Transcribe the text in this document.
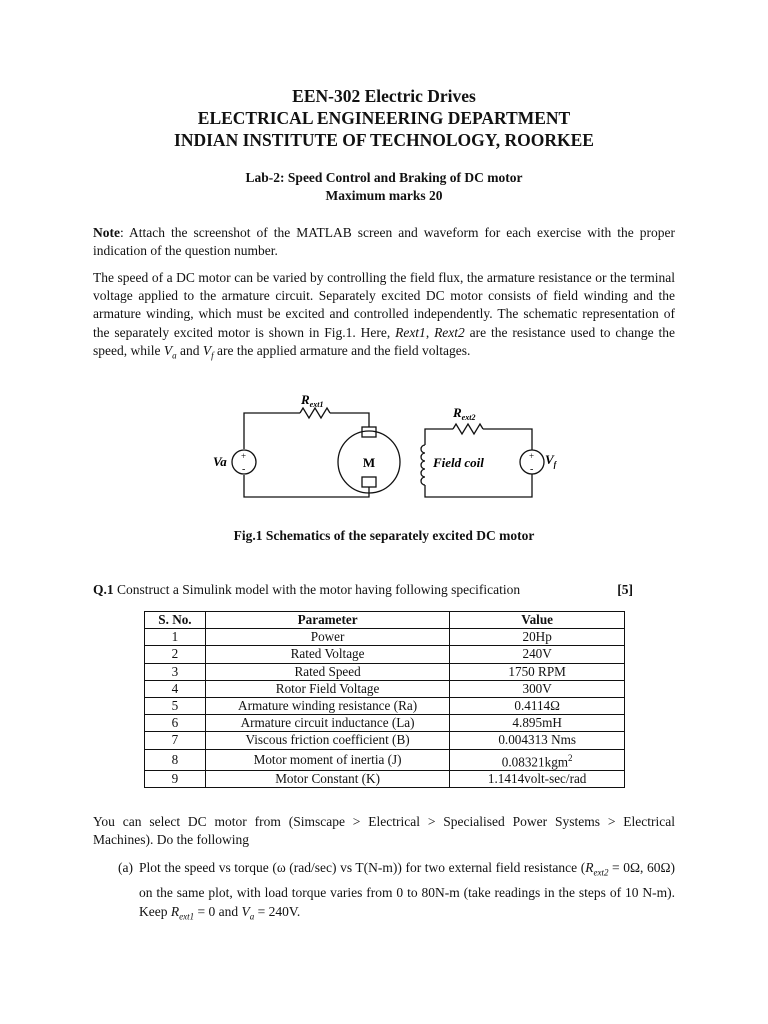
EEN-302 Electric Drives
ELECTRICAL ENGINEERING DEPARTMENT
INDIAN INSTITUTE OF TECHNOLOGY, ROORKEE
Lab-2: Speed Control and Braking of DC motor
Maximum marks 20
Note: Attach the screenshot of the MATLAB screen and waveform for each exercise with the proper indication of the question number.
The speed of a DC motor can be varied by controlling the field flux, the armature resistance or the terminal voltage applied to the armature circuit. Separately excited DC motor consists of field winding and the armature winding, which must be excited and controlled independently. The schematic representation of the separately excited motor is shown in Fig.1. Here, Rext1, Rext2 are the resistance used to change the speed, while $V_a$ and $V_f$ are the applied armature and the field voltages.
+
-
+
-
$R_{ext1}$
$R_{ext2}$
Va	M	Field coil	$V_f$
Fig.1 Schematics of the separately excited DC motor
Q.1 Construct a Simulink model with the motor having following specification	[5]
S. No.	Parameter	Value
1	Power	20Hp
2	Rated Voltage	240V
3	Rated Speed	1750 RPM
4	Rotor Field Voltage	300V
5	Armature winding resistance (Ra)	0.4114Ω
6	Armature circuit inductance (La)	4.895mH
7	Viscous friction coefficient (B)	0.004313 Nms
8	Motor moment of inertia (J)	0.08321kgm$^2$
9	Motor Constant (K)	1.1414volt-sec/rad
You can select DC motor from (Simscape > Electrical > Specialised Power Systems > Electrical Machines). Do the following
(a) Plot the speed vs torque (ω (rad/sec) vs T(N-m)) for two external field resistance ($R_{ext2} = 0\Omega$, 60Ω) on the same plot, with load torque varies from 0 to 80N-m (take readings in the steps of 10 N-m). Keep $R_{ext1} = 0$ and $V_a = 240V$.
